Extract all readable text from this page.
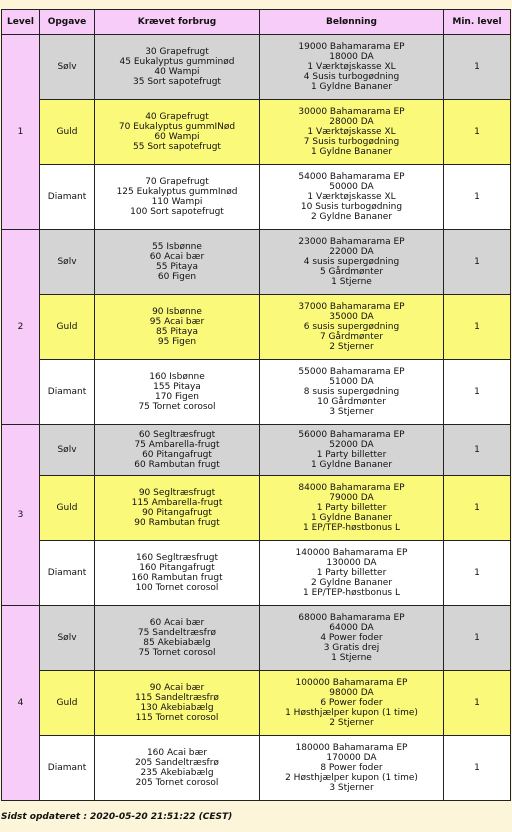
Level	Opgave	Krævet forbrug	Belønning	Min. level
1	Sølv	30 Grapefrugt
45 Eukalyptus gumminød
40 Wampi
35 Sort sapotefrugt	19000 Bahamarama EP
18000 DA
1 Værktøjskasse XL
4 Susis turbogødning
1 Gyldne Bananer	1
	Guld	40 Grapefrugt
70 Eukalyptus gummINød
60 Wampi
55 Sort sapotefrugt	30000 Bahamarama EP
28000 DA
1 Værktøjskasse XL
7 Susis turbogødning
1 Gyldne Bananer	1
	Diamant	70 Grapefrugt
125 Eukalyptus gummInød
110 Wampi
100 Sort sapotefrugt	54000 Bahamarama EP
50000 DA
1 Værktøjskasse XL
10 Susis turbogødning
2 Gyldne Bananer	1
2	Sølv	55 Isbønne
60 Acai bær
55 Pitaya
60 Figen	23000 Bahamarama EP
22000 DA
4 susis supergødning
5 Gårdmønter
1 Stjerne	1
	Guld	90 Isbønne
95 Acai bær
85 Pitaya
95 Figen	37000 Bahamarama EP
35000 DA
6 susis supergødning
7 Gårdmønter
2 Stjerner	1
	Diamant	160 Isbønne
155 Pitaya
170 Figen
75 Tornet corosol	55000 Bahamarama EP
51000 DA
8 susis supergødning
10 Gårdmønter
3 Stjerner	1
3	Sølv	60 Segltræsfrugt
75 Ambarella-frugt
60 Pitangafrugt
60 Rambutan frugt	56000 Bahamarama EP
52000 DA
1 Party billetter
1 Gyldne Bananer	1
	Guld	90 Segltræsfrugt
115 Ambarella-frugt
90 Pitangafrugt
90 Rambutan frugt	84000 Bahamarama EP
79000 DA
1 Party billetter
1 Gyldne Bananer
1 EP/TEP-høstbonus L	1
	Diamant	160 Segltræsfrugt
160 Pitangafrugt
160 Rambutan frugt
100 Tornet corosol	140000 Bahamarama EP
130000 DA
1 Party billetter
2 Gyldne Bananer
1 EP/TEP-høstbonus L	1
4	Sølv	60 Acai bær
75 Sandeltræsfrø
85 Akebiabælg
75 Tornet corosol	68000 Bahamarama EP
64000 DA
4 Power foder
3 Gratis drej
1 Stjerne	1
	Guld	90 Acai bær
115 Sandeltræsfrø
130 Akebiabælg
115 Tornet corosol	100000 Bahamarama EP
98000 DA
6 Power foder
1 Høsthjælper kupon (1 time)
2 Stjerner	1
	Diamant	160 Acai bær
205 Sandeltræsfrø
235 Akebiabælg
205 Tornet corosol	180000 Bahamarama EP
170000 DA
8 Power foder
2 Høsthjælper kupon (1 time)
3 Stjerner	1
Sidst opdateret : 2020-05-20 21:51:22 (CEST)
